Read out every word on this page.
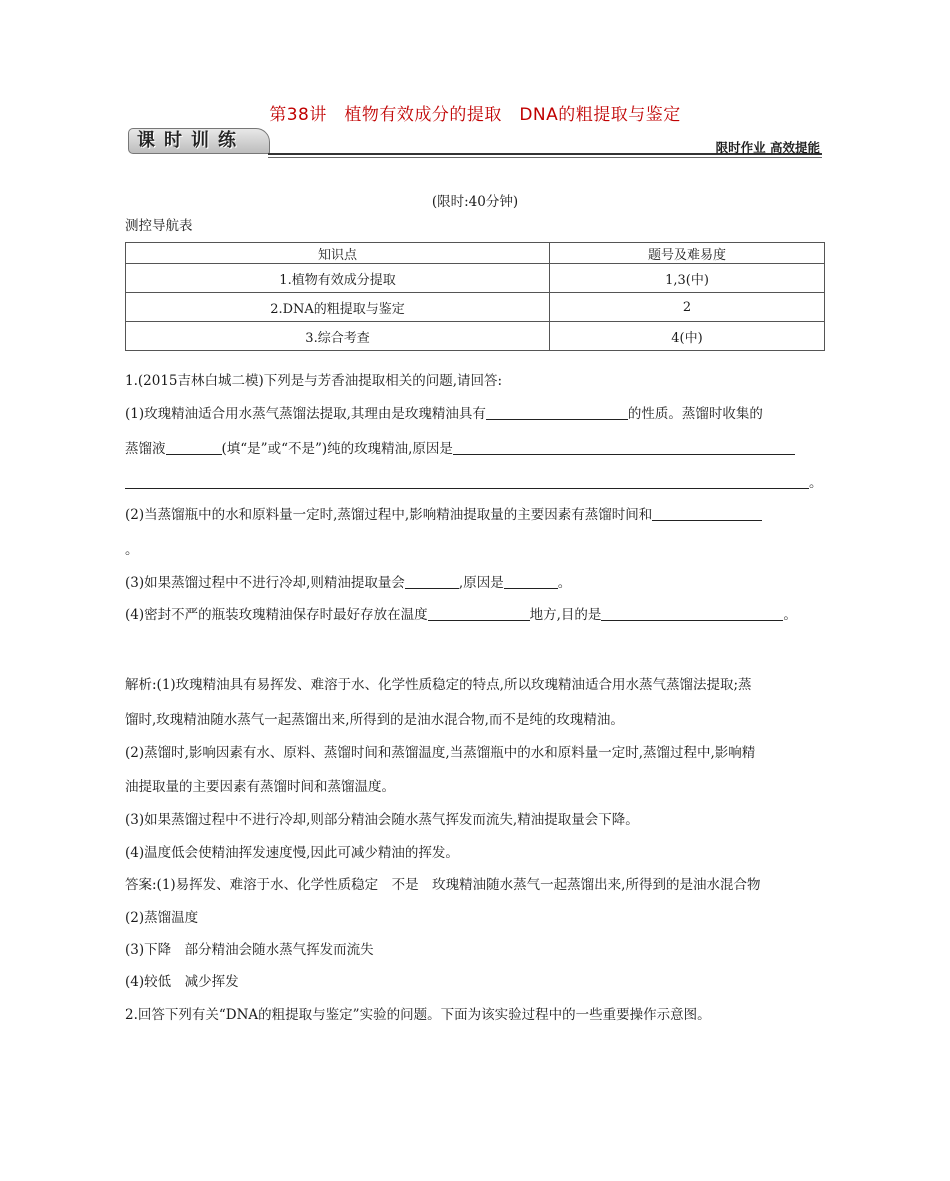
第38讲　植物有效成分的提取　DNA的粗提取与鉴定
课时训练	限时作业 高效提能
(限时:40分钟)
测控导航表
知识点	题号及难易度
1.植物有效成分提取	1,3(中)
2.DNA的粗提取与鉴定	2
3.综合考查	4(中)
1.(2015吉林白城二模)下列是与芳香油提取相关的问题,请回答:
(1)玫瑰精油适合用水蒸气蒸馏法提取,其理由是玫瑰精油具有	的性质。蒸馏时收集的
蒸馏液	(填“是”或“不是”)纯的玫瑰精油,原因是
。
(2)当蒸馏瓶中的水和原料量一定时,蒸馏过程中,影响精油提取量的主要因素有蒸馏时间和
。
(3)如果蒸馏过程中不进行冷却,则精油提取量会	,原因是	。
(4)密封不严的瓶装玫瑰精油保存时最好存放在温度	地方,目的是	。
解析:(1)玫瑰精油具有易挥发、难溶于水、化学性质稳定的特点,所以玫瑰精油适合用水蒸气蒸馏法提取;蒸
馏时,玫瑰精油随水蒸气一起蒸馏出来,所得到的是油水混合物,而不是纯的玫瑰精油。
(2)蒸馏时,影响因素有水、原料、蒸馏时间和蒸馏温度,当蒸馏瓶中的水和原料量一定时,蒸馏过程中,影响精
油提取量的主要因素有蒸馏时间和蒸馏温度。
(3)如果蒸馏过程中不进行冷却,则部分精油会随水蒸气挥发而流失,精油提取量会下降。
(4)温度低会使精油挥发速度慢,因此可减少精油的挥发。
答案:(1)易挥发、难溶于水、化学性质稳定　不是　玫瑰精油随水蒸气一起蒸馏出来,所得到的是油水混合物
(2)蒸馏温度
(3)下降　部分精油会随水蒸气挥发而流失
(4)较低　减少挥发
2.回答下列有关“DNA的粗提取与鉴定”实验的问题。下面为该实验过程中的一些重要操作示意图。
